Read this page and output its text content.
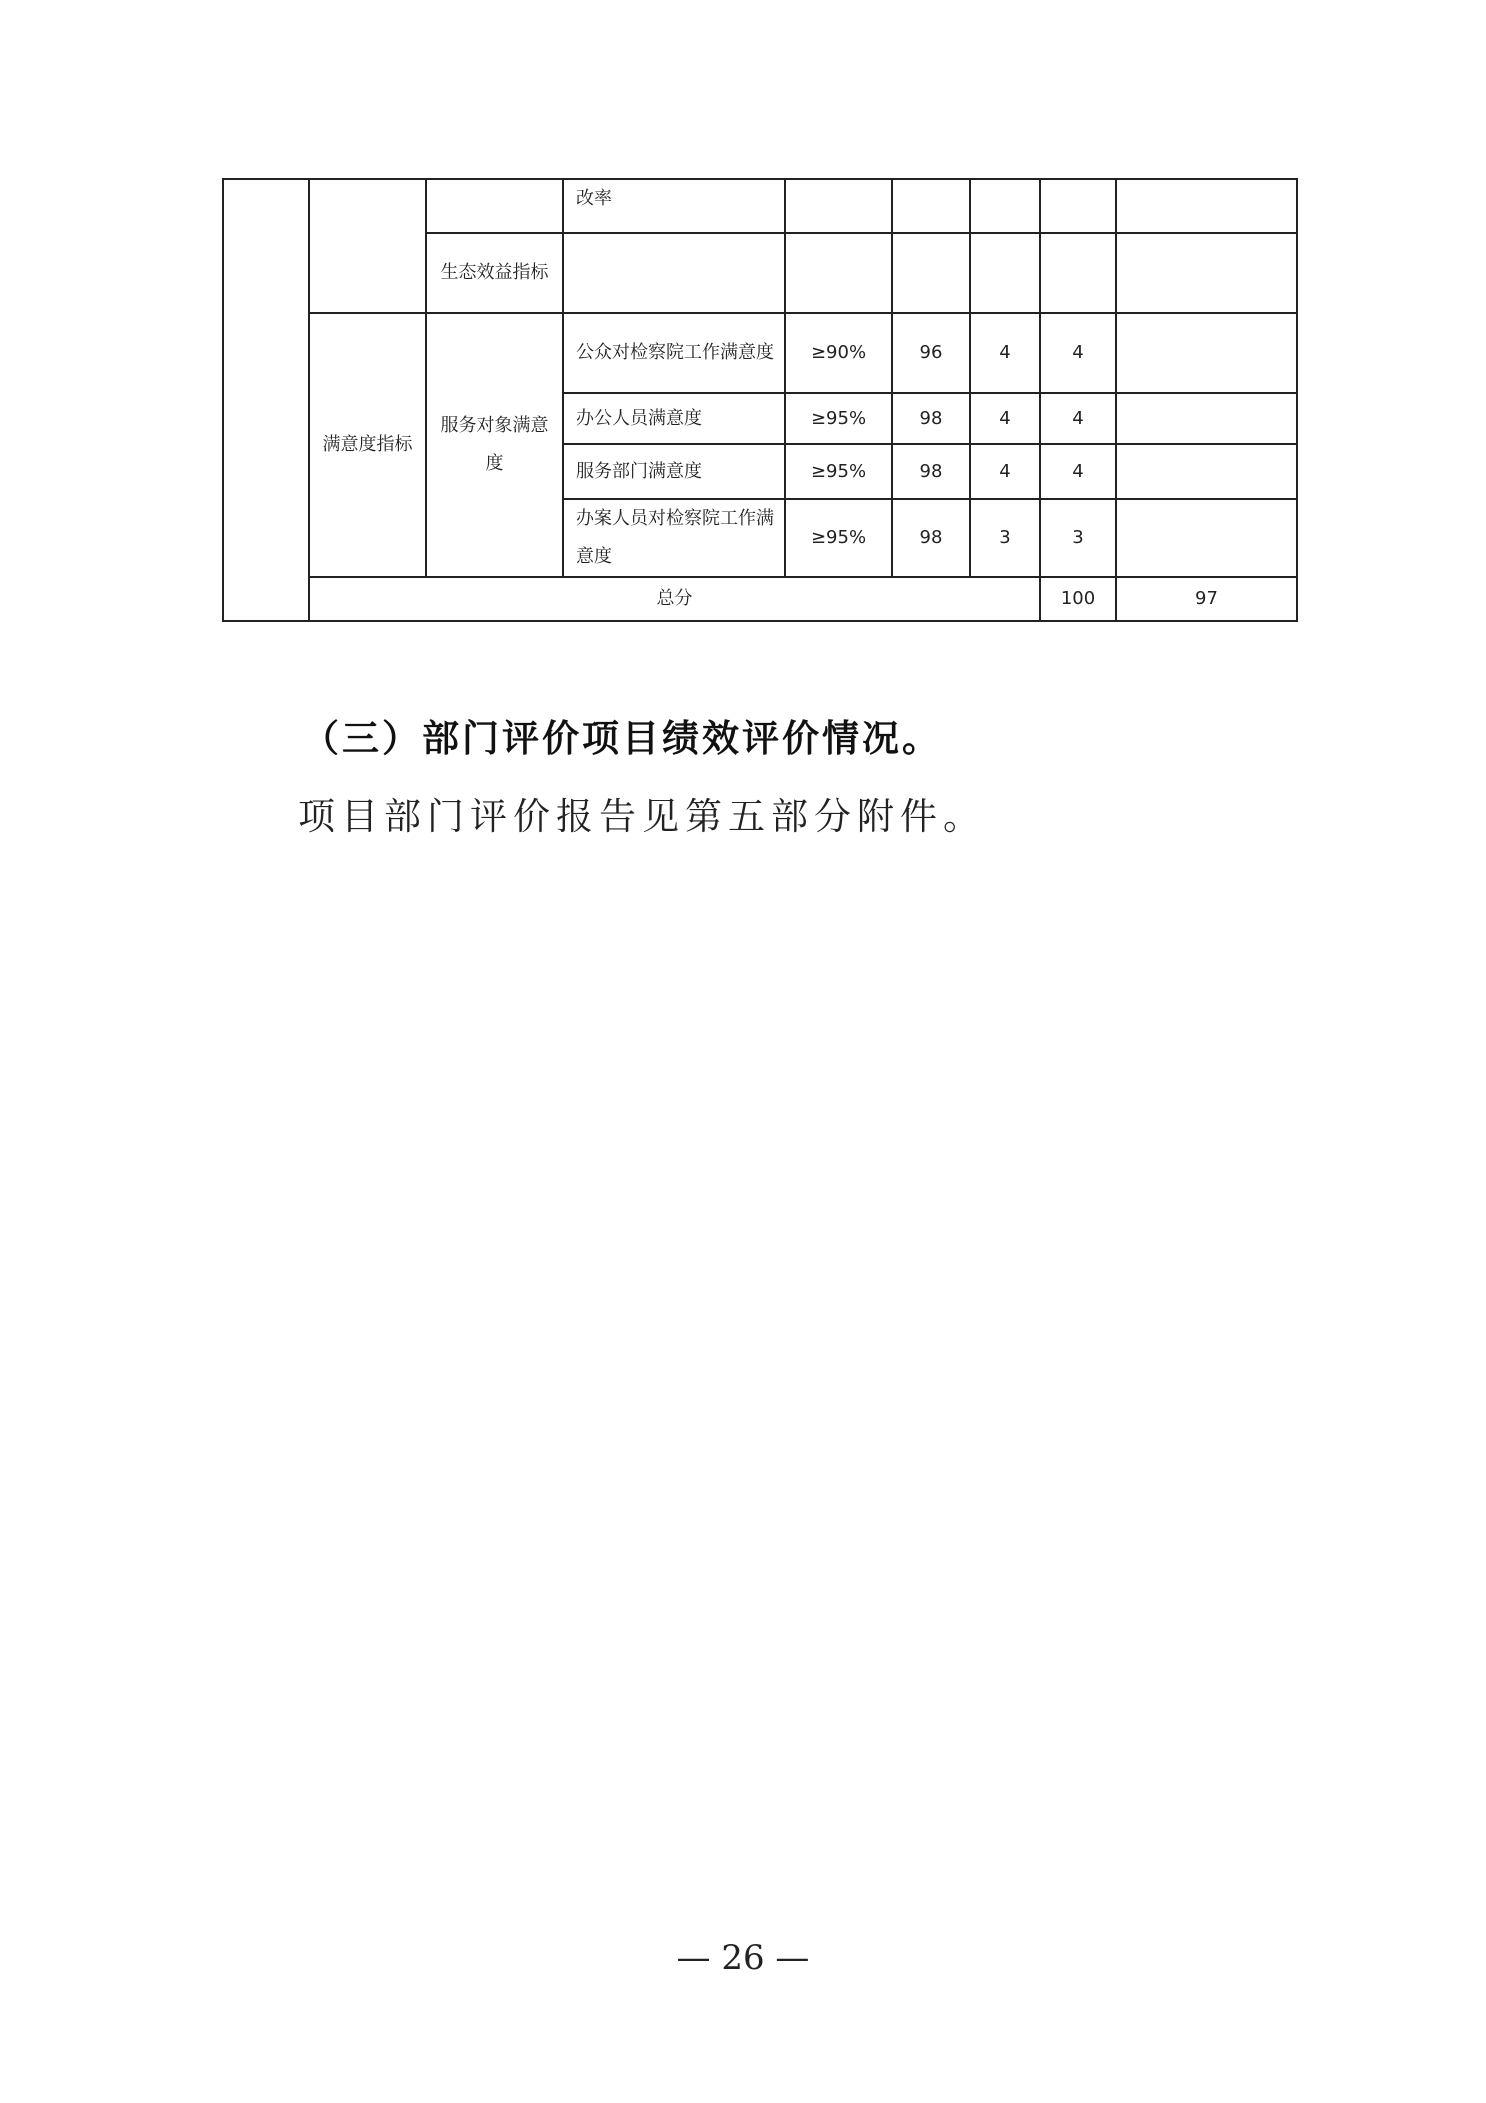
			改率						
		生态效益指标							
	满意度指标	服务对象满意度	公众对检察院工作满意度	≥90%	96	4	4		
			办公人员满意度	≥95%	98	4	4		
			服务部门满意度	≥95%	98	4	4		
			办案人员对检察院工作满意度	≥95%	98	3	3		
	总分						100	97	
（三）部门评价项目绩效评价情况。
项目部门评价报告见第五部分附件。
— 26 —
